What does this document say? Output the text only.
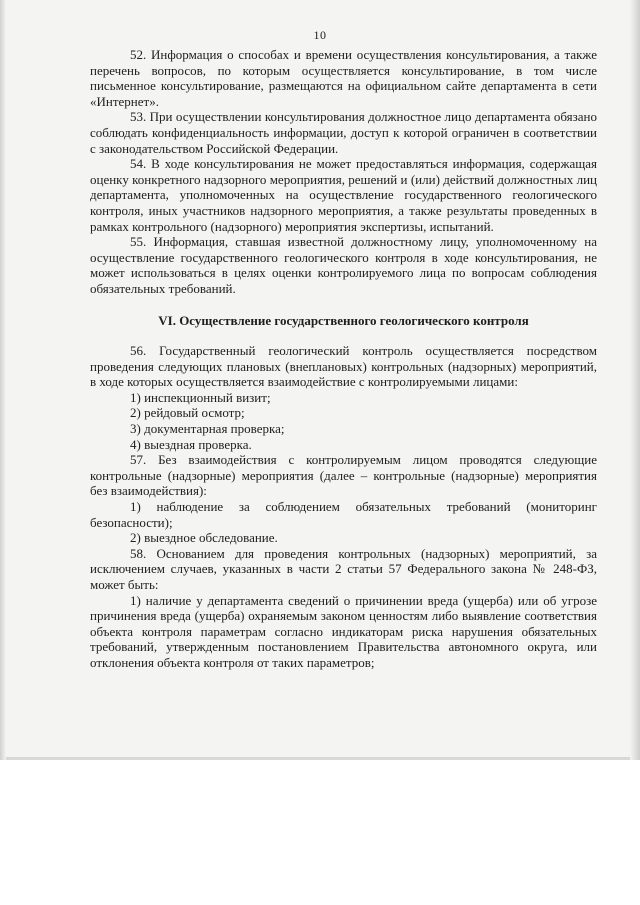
10

52. Информация о способах и времени осуществления консультирования, а также перечень вопросов, по которым осуществляется консультирование, в том числе письменное консультирование, размещаются на официальном сайте департамента в сети «Интернет».

53. При осуществлении консультирования должностное лицо департамента обязано соблюдать конфиденциальность информации, доступ к которой ограничен в соответствии с законодательством Российской Федерации.

54. В ходе консультирования не может предоставляться информация, содержащая оценку конкретного надзорного мероприятия, решений и (или) действий должностных лиц департамента, уполномоченных на осуществление государственного геологического контроля, иных участников надзорного мероприятия, а также результаты проведенных в рамках контрольного (надзорного) мероприятия экспертизы, испытаний.

55. Информация, ставшая известной должностному лицу, уполномоченному на осуществление государственного геологического контроля в ходе консультирования, не может использоваться в целях оценки контролируемого лица по вопросам соблюдения обязательных требований.

VI. Осуществление государственного геологического контроля

56. Государственный геологический контроль осуществляется посредством проведения следующих плановых (внеплановых) контрольных (надзорных) мероприятий, в ходе которых осуществляется взаимодействие с контролируемыми лицами:

1) инспекционный визит;

2) рейдовый осмотр;

3) документарная проверка;

4) выездная проверка.

57. Без взаимодействия с контролируемым лицом проводятся следующие контрольные (надзорные) мероприятия (далее – контрольные (надзорные) мероприятия без взаимодействия):

1) наблюдение за соблюдением обязательных требований (мониторинг безопасности);

2) выездное обследование.

58. Основанием для проведения контрольных (надзорных) мероприятий, за исключением случаев, указанных в части 2 статьи 57 Федерального закона № 248-ФЗ, может быть:

1) наличие у департамента сведений о причинении вреда (ущерба) или об угрозе причинения вреда (ущерба) охраняемым законом ценностям либо выявление соответствия объекта контроля параметрам согласно индикаторам риска нарушения обязательных требований, утвержденным постановлением Правительства автономного округа, или отклонения объекта контроля от таких параметров;
